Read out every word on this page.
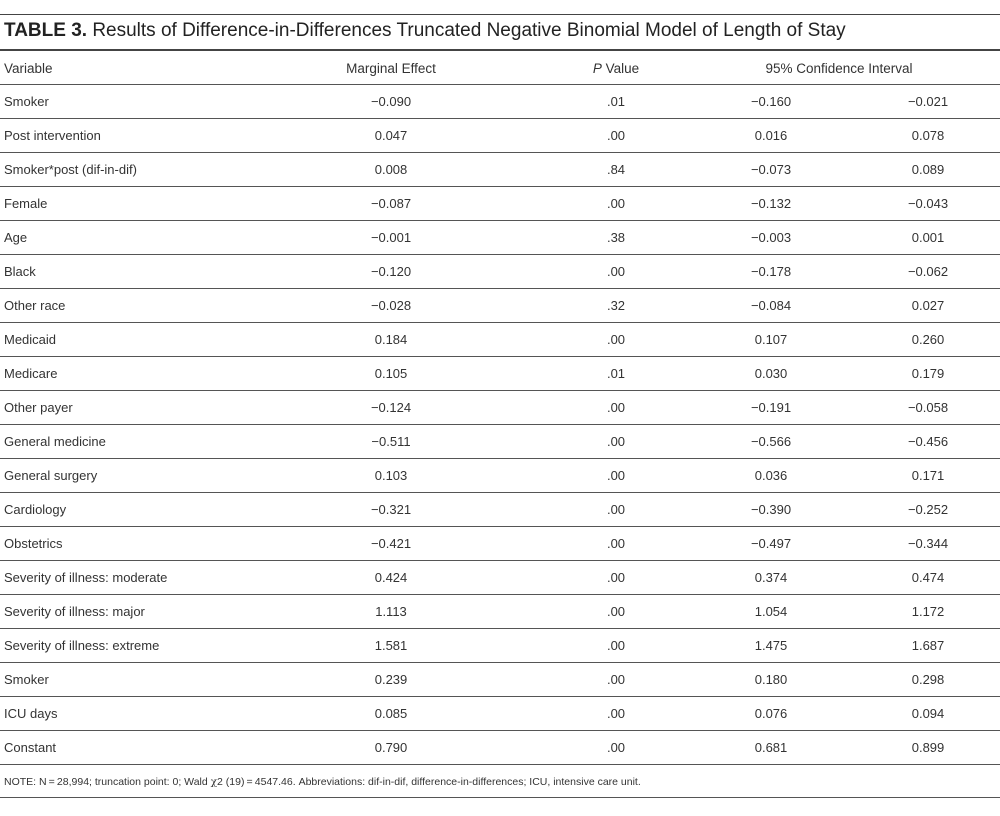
TABLE 3. Results of Difference-in-Differences Truncated Negative Binomial Model of Length of Stay
Variable	Marginal Effect	P Value	95% Confidence Interval
Smoker	−0.090	.01	−0.160	−0.021
Post intervention	0.047	.00	0.016	0.078
Smoker*post (dif-in-dif)	0.008	.84	−0.073	0.089
Female	−0.087	.00	−0.132	−0.043
Age	−0.001	.38	−0.003	0.001
Black	−0.120	.00	−0.178	−0.062
Other race	−0.028	.32	−0.084	0.027
Medicaid	0.184	.00	0.107	0.260
Medicare	0.105	.01	0.030	0.179
Other payer	−0.124	.00	−0.191	−0.058
General medicine	−0.511	.00	−0.566	−0.456
General surgery	0.103	.00	0.036	0.171
Cardiology	−0.321	.00	−0.390	−0.252
Obstetrics	−0.421	.00	−0.497	−0.344
Severity of illness: moderate	0.424	.00	0.374	0.474
Severity of illness: major	1.113	.00	1.054	1.172
Severity of illness: extreme	1.581	.00	1.475	1.687
Smoker	0.239	.00	0.180	0.298
ICU days	0.085	.00	0.076	0.094
Constant	0.790	.00	0.681	0.899
NOTE: N = 28,994; truncation point: 0; Wald χ2 (19) = 4547.46. Abbreviations: dif-in-dif, difference-in-differences; ICU, intensive care unit.
